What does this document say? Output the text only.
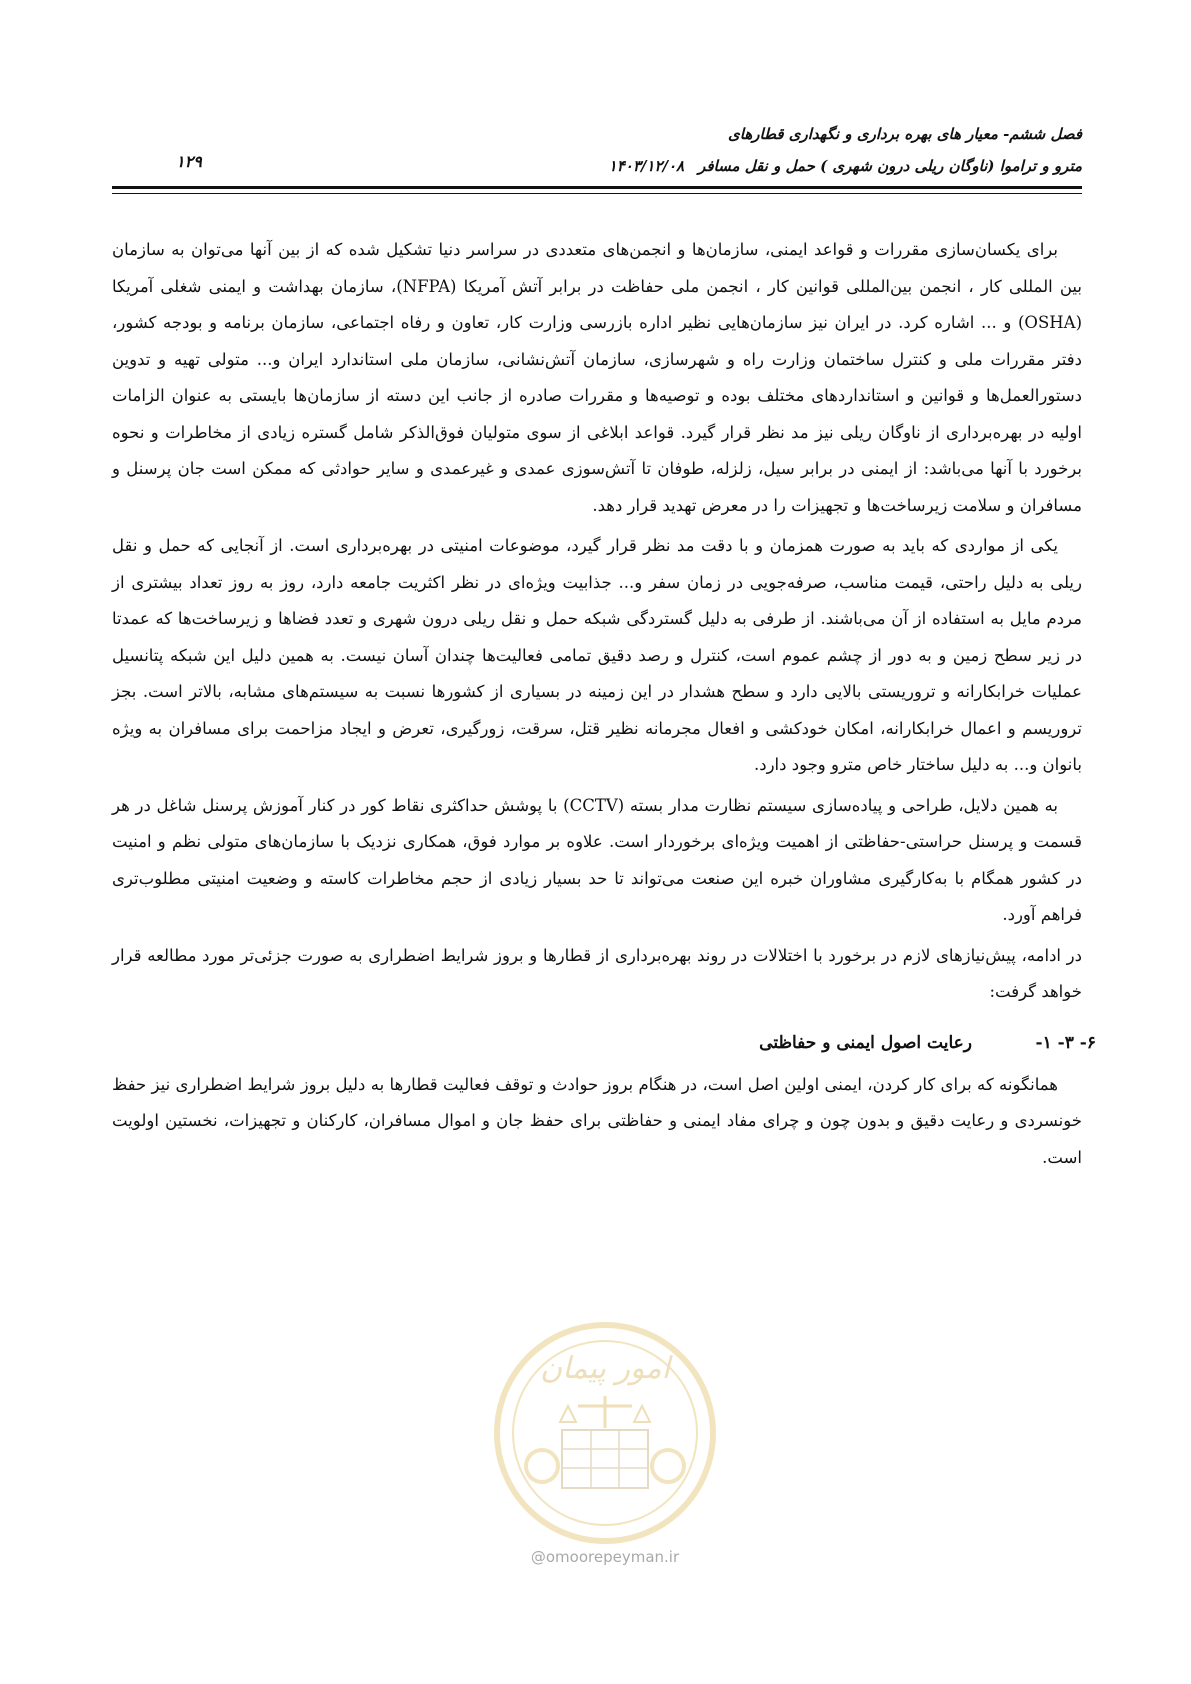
فصل ششم- معیار های بهره برداری و نگهداری قطارهای
مترو و تراموا (ناوگان ریلی درون شهری ) حمل و نقل مسافر
۱۴۰۳/۱۲/۰۸
۱۲۹

برای یکسان‌سازی مقررات و قواعد ایمنی، سازمان‌ها و انجمن‌های متعددی در سراسر دنیا تشکیل شده که از بین آنها می‌توان به سازمان بین المللی کار ، انجمن بین‌المللی قوانین کار ، انجمن ملی حفاظت در برابر آتش آمریکا (NFPA)، سازمان بهداشت و ایمنی شغلی آمریکا (OSHA) و ... اشاره کرد. در ایران نیز سازمان‌هایی نظیر اداره بازرسی وزارت کار، تعاون و رفاه اجتماعی، سازمان برنامه و بودجه کشور، دفتر مقررات ملی و کنترل ساختمان وزارت راه و شهرسازی، سازمان آتش‌نشانی، سازمان ملی استاندارد ایران و... متولی تهیه و تدوین دستورالعمل‌ها و قوانین و استانداردهای مختلف بوده و توصیه‌ها و مقررات صادره از جانب این دسته از سازمان‌ها بایستی به عنوان الزامات اولیه در بهره‌برداری از ناوگان ریلی نیز مد نظر قرار گیرد. قواعد ابلاغی از سوی متولیان فوق‌الذکر شامل گستره زیادی از مخاطرات و نحوه برخورد با آنها می‌باشد: از ایمنی در برابر سیل، زلزله، طوفان تا آتش‌سوزی عمدی و غیرعمدی و سایر حوادثی که ممکن است جان پرسنل و مسافران و سلامت زیرساخت‌ها و تجهیزات را در معرض تهدید قرار دهد.

یکی از مواردی که باید به صورت همزمان و با دقت مد نظر قرار گیرد، موضوعات امنیتی در بهره‌برداری است. از آنجایی که حمل و نقل ریلی به دلیل راحتی، قیمت مناسب، صرفه‌جویی در زمان سفر و... جذابیت ویژه‌ای در نظر اکثریت جامعه دارد، روز به روز تعداد بیشتری از مردم مایل به استفاده از آن می‌باشند. از طرفی به دلیل گستردگی شبکه حمل و نقل ریلی درون شهری و تعدد فضاها و زیرساخت‌ها که عمدتا در زیر سطح زمین و به دور از چشم عموم است، کنترل و رصد دقیق تمامی فعالیت‌ها چندان آسان نیست. به همین دلیل این شبکه پتانسیل عملیات خرابکارانه و تروریستی بالایی دارد و سطح هشدار در این زمینه در بسیاری از کشورها نسبت به سیستم‌های مشابه، بالاتر است. بجز تروریسم و اعمال خرابکارانه، امکان خودکشی و افعال مجرمانه نظیر قتل، سرقت، زورگیری، تعرض و ایجاد مزاحمت برای مسافران به ویژه بانوان و... به دلیل ساختار خاص مترو وجود دارد.

به همین دلایل، طراحی و پیاده‌سازی سیستم نظارت مدار بسته (CCTV) با پوشش حداکثری نقاط کور در کنار آموزش پرسنل شاغل در هر قسمت و پرسنل حراستی-حفاظتی از اهمیت ویژه‌ای برخوردار است. علاوه بر موارد فوق، همکاری نزدیک با سازمان‌های متولی نظم و امنیت در کشور همگام با به‌کارگیری مشاوران خبره این صنعت می‌تواند تا حد بسیار زیادی از حجم مخاطرات کاسته و وضعیت امنیتی مطلوب‌تری فراهم آورد.

در ادامه، پیش‌نیازهای لازم در برخورد با اختلالات در روند بهره‌برداری از قطارها و بروز شرایط اضطراری به صورت جزئی‌تر مورد مطالعه قرار خواهد گرفت:

۶- ۳- ۱-
رعایت اصول ایمنی و حفاظتی

همانگونه که برای کار کردن، ایمنی اولین اصل است، در هنگام بروز حوادث و توقف فعالیت قطارها به دلیل بروز شرایط اضطراری نیز حفظ خونسردی و رعایت دقیق و بدون چون و چرای مفاد ایمنی و حفاظتی برای حفظ جان و اموال مسافران، کارکنان و تجهیزات، نخستین اولویت است.

امور پیمان
@omoorepeyman.ir
